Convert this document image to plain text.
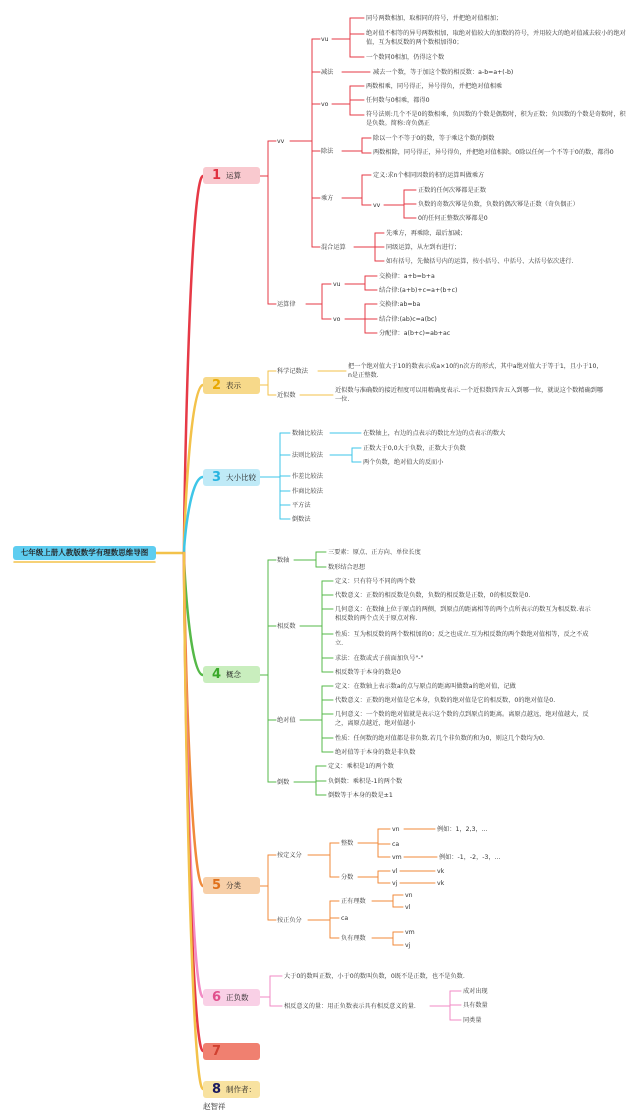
七年级上册人教版数学有理数思维导图
1 运算
2 表示
3 大小比较
4 概念
5 分类
6 正负数
7
8 制作者：赵智祥
vv
vu
同号两数相加，取相同的符号，并把绝对值相加；
绝对值不相等的异号两数相加，取绝对值较大的加数的符号，并用较大的绝对值减去较小的绝对值，互为相反数的两个数相加得0；
一个数同0相加，仍得这个数
减法	减去一个数，等于加这个数的相反数：a-b=a+(-b)
vo
两数相乘，同号得正，异号得负，并把绝对值相乘
任何数与0相乘，都得0
符号法则:几个不是0的数相乘，负因数的个数是偶数时，积为正数；负因数的个数是奇数时，积是负数。简称:奇负偶正
除法
除以一个不等于0的数，等于乘这个数的倒数
两数相除，同号得正，异号得负，并把绝对值相除。0除以任何一个不等于0的数，都得0
乘方
定义:求n个相同因数的积的运算叫做乘方
vv
正数的任何次幂都是正数
负数的奇数次幂是负数，负数的偶次幂是正数（奇负偶正）
0的任何正整数次幂都是0
混合运算
先乘方，再乘除，最后加减；
同级运算，从左到右进行；
如有括号，先做括号内的运算，按小括号、中括号、大括号依次进行.
运算律
vu
交换律：a+b=b+a
结合律:(a+b)+c=a+(b+c)
vo
交换律:ab=ba
结合律:(ab)c=a(bc)
分配律：a(b+c)=ab+ac
科学记数法
把一个绝对值大于10的数表示成a×10的n次方的形式，其中a绝对值大于等于1，且小于10，n是正整数.
近似数
近似数与准确数的接近程度可以用精确度表示.一个近似数四舍五入到哪一位，就说这个数精确到哪一位.
数轴比较法	在数轴上，右边的点表示的数比左边的点表示的数大
法则比较法
正数大于0,0大于负数，正数大于负数
两个负数，绝对值大的反而小
作差比较法
作商比较法
平方法
倒数法
数轴
三要素：原点、正方向、单位长度
数形结合思想
相反数
定义：只有符号不同的两个数
代数意义：正数的相反数是负数，负数的相反数是正数，0的相反数是0.
几何意义：在数轴上位于原点的两侧，到原点的距离相等的两个点所表示的数互为相反数.表示相反数的两个点关于原点对称.
性质：互为相反数的两个数相加的0；反之也成立.互为相反数的两个数绝对值相等，反之不成立.
求法：在数或式子前面加负号"-"
相反数等于本身的数是0
绝对值
定义：在数轴上表示数a的点与原点的距离叫做数a的绝对值，记做
代数意义：正数的绝对值是它本身，负数的绝对值是它的相反数，0的绝对值是0.
几何意义：一个数的绝对值就是表示这个数的点到原点的距离。离原点越远，绝对值越大，反之，离原点越近，绝对值越小
性质：任何数的绝对值都是非负数.若几个非负数的和为0，则这几个数均为0.
绝对值等于本身的数是非负数
倒数
定义：乘积是1的两个数
负倒数：乘积是-1的两个数
倒数等于本身的数是±1
按定义分
整数
vn	例如：1，2,3，...
ca
vm	例如：-1，-2，-3，...
分数
vl	vk
vj	vk
按正负分
正有理数
vn
vl
ca
负有理数
vm
vj
大于0的数叫正数，小于0的数叫负数，0既不是正数，也不是负数.
相反意义的量：用正负数表示具有相反意义的量.
成对出现
具有数量
同类量
